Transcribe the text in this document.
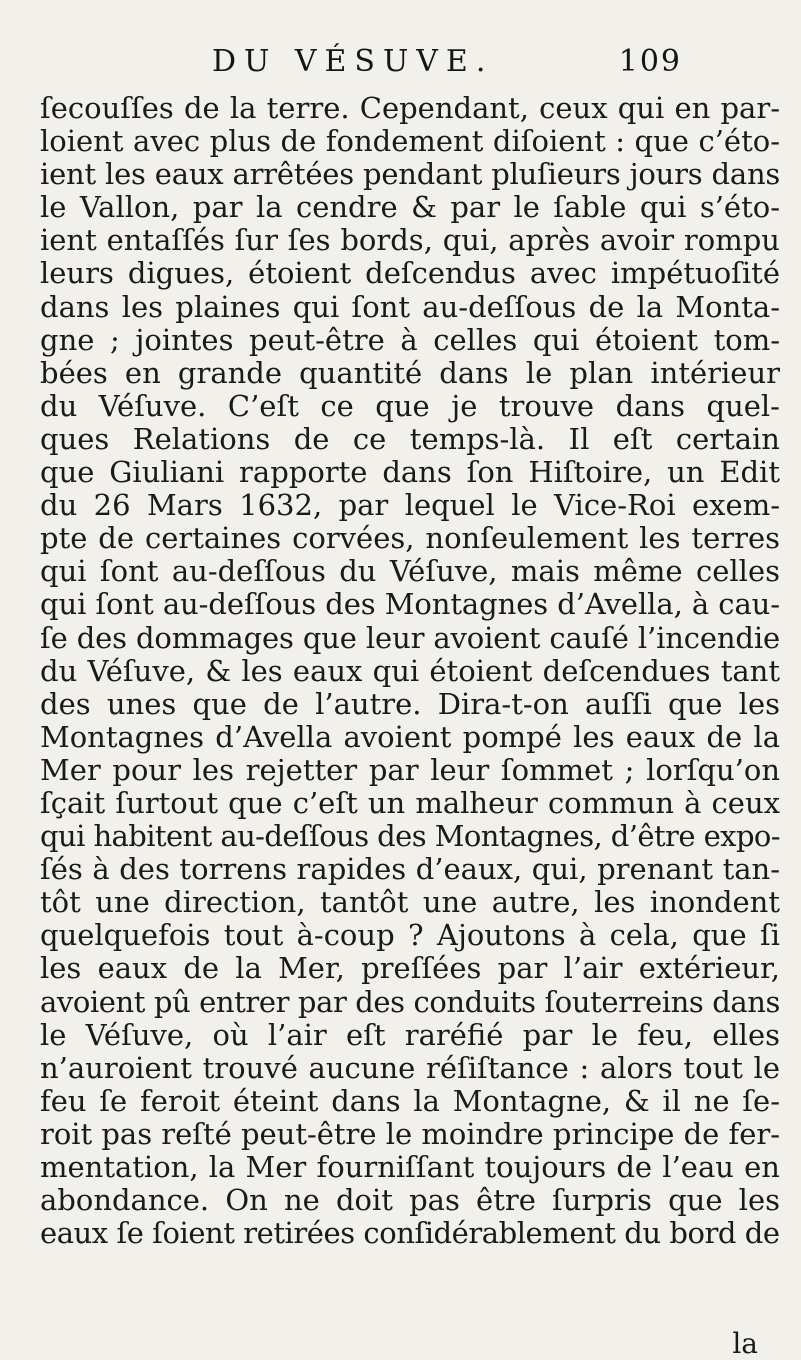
DU VÉSUVE.	109
ſecouſſes de la terre. Cependant, ceux qui en par-
loient avec plus de fondement diſoient : que c’éto-
ient les eaux arrêtées pendant pluſieurs jours dans
le Vallon, par la cendre & par le ſable qui s’éto-
ient entaſſés ſur ſes bords, qui, après avoir rompu
leurs digues, étoient deſcendus avec impétuoſité
dans les plaines qui ſont au-deſſous de la Monta-
gne ; jointes peut-être à celles qui étoient tom-
bées en grande quantité dans le plan intérieur
du Véſuve. C’eſt ce que je trouve dans quel-
ques Relations de ce temps-là. Il eſt certain
que Giuliani rapporte dans ſon Hiſtoire, un Edit
du 26 Mars 1632, par lequel le Vice-Roi exem-
pte de certaines corvées, nonſeulement les terres
qui ſont au-deſſous du Véſuve, mais même celles
qui ſont au-deſſous des Montagnes d’Avella, à cau-
ſe des dommages que leur avoient cauſé l’incendie
du Véſuve, & les eaux qui étoient deſcendues tant
des unes que de l’autre. Dira-t-on auſſi que les
Montagnes d’Avella avoient pompé les eaux de la
Mer pour les rejetter par leur ſommet ; lorſqu’on
ſçait ſurtout que c’eſt un malheur commun à ceux
qui habitent au-deſſous des Montagnes, d’être expo-
ſés à des torrens rapides d’eaux, qui, prenant tan-
tôt une direction, tantôt une autre, les inondent
quelquefois tout à-coup ? Ajoutons à cela, que ſi
les eaux de la Mer, preſſées par l’air extérieur,
avoient pû entrer par des conduits ſouterreins dans
le Véſuve, où l’air eſt raréfié par le feu, elles
n’auroient trouvé aucune réſiſtance : alors tout le
feu ſe feroit éteint dans la Montagne, & il ne ſe-
roit pas reſté peut-être le moindre principe de fer-
mentation, la Mer fourniſſant toujours de l’eau en
abondance. On ne doit pas être ſurpris que les
eaux ſe ſoient retirées conſidérablement du bord de
la
